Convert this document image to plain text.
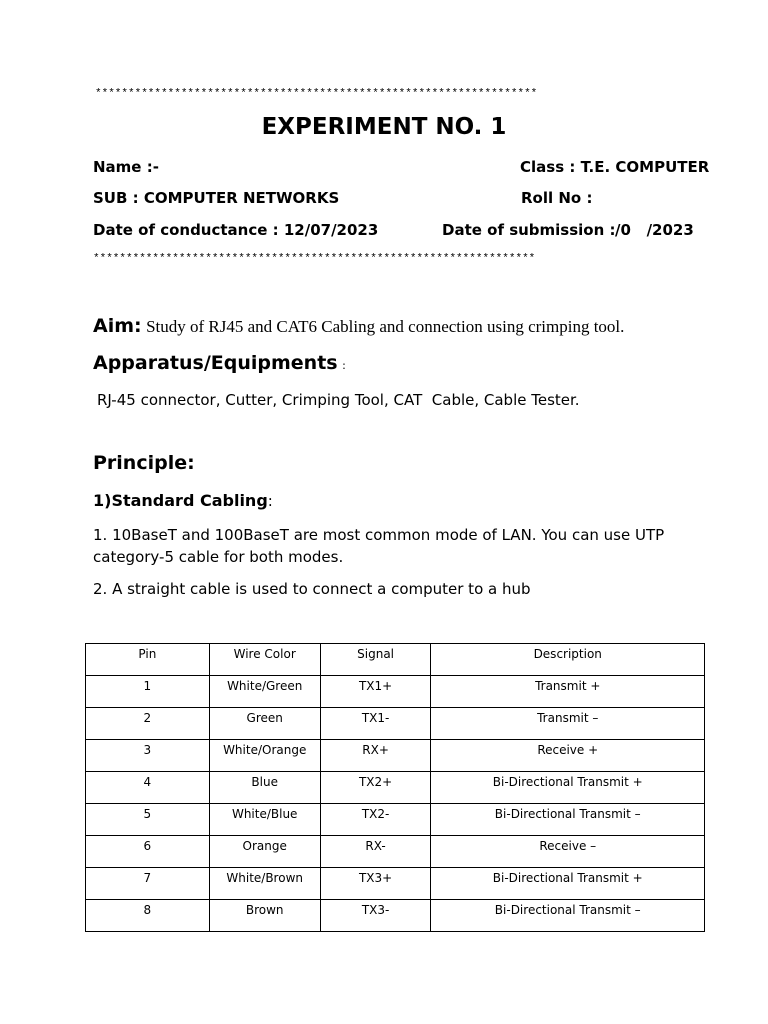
*******************************************************************
EXPERIMENT NO. 1
Name :-	Class : T.E. COMPUTER
SUB : COMPUTER NETWORKS	Roll No :
Date of conductance : 12/07/2023	Date of submission : /0   /2023
*******************************************************************
Aim: Study of RJ45 and CAT6 Cabling and connection using crimping tool.
Apparatus/Equipments :
RJ-45 connector, Cutter, Crimping Tool, CAT  Cable, Cable Tester.
Principle:
1)Standard Cabling:
1. 10BaseT and 100BaseT are most common mode of LAN. You can use UTP
category-5 cable for both modes.
2. A straight cable is used to connect a computer to a hub
Pin	Wire Color	Signal	Description
1	White/Green	TX1+	Transmit +
2	Green	TX1-	Transmit –
3	White/Orange	RX+	Receive +
4	Blue	TX2+	Bi-Directional Transmit +
5	White/Blue	TX2-	Bi-Directional Transmit –
6	Orange	RX-	Receive –
7	White/Brown	TX3+	Bi-Directional Transmit +
8	Brown	TX3-	Bi-Directional Transmit –
